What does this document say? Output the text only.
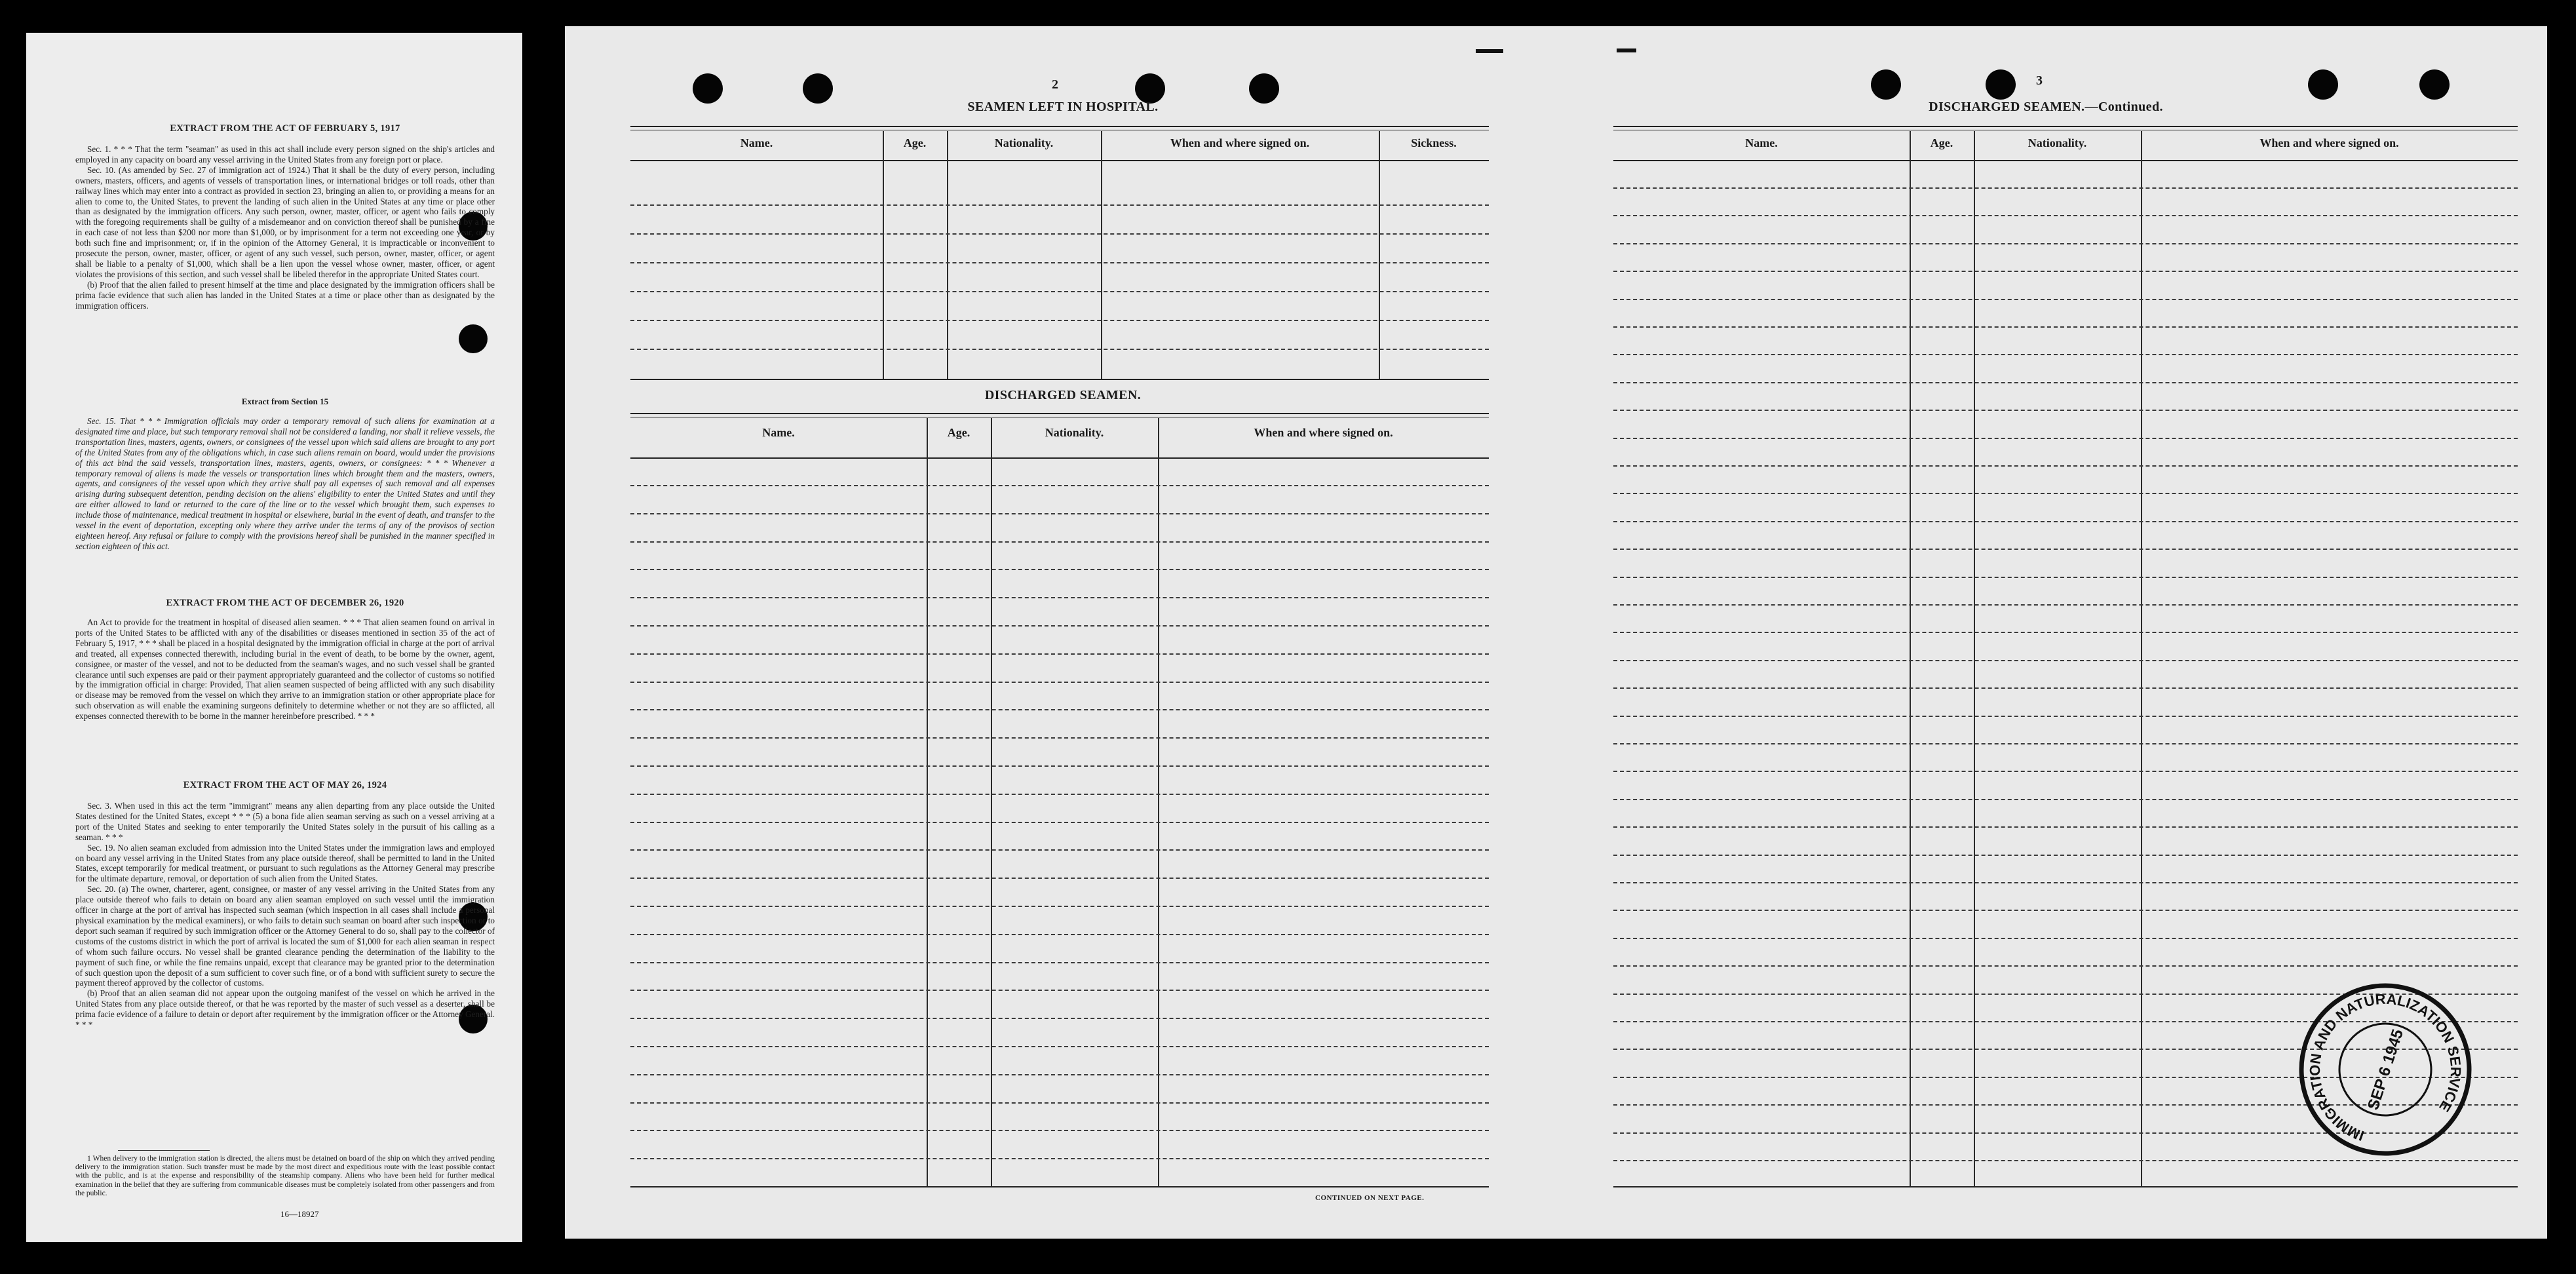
EXTRACT FROM THE ACT OF FEBRUARY 5, 1917
Sec. 1. * * * That the term "seaman" as used in this act shall include every person signed on the ship's articles and employed in any capacity on board any vessel arriving in the United States from any foreign port or place.
Sec. 10. (As amended by Sec. 27 of immigration act of 1924.) That it shall be the duty of every person, including owners, masters, officers, and agents of vessels of transportation lines, or international bridges or toll roads, other than railway lines which may enter into a contract as provided in section 23, bringing an alien to, or providing a means for an alien to come to, the United States, to prevent the landing of such alien in the United States at any time or place other than as designated by the immigration officers. Any such person, owner, master, officer, or agent who fails to comply with the foregoing requirements shall be guilty of a misdemeanor and on conviction thereof shall be punished by a fine in each case of not less than $200 nor more than $1,000, or by imprisonment for a term not exceeding one year, or by both such fine and imprisonment; or, if in the opinion of the Attorney General, it is impracticable or inconvenient to prosecute the person, owner, master, officer, or agent of any such vessel, such person, owner, master, officer, or agent shall be liable to a penalty of $1,000, which shall be a lien upon the vessel whose owner, master, officer, or agent violates the provisions of this section, and such vessel shall be libeled therefor in the appropriate United States court.
(b) Proof that the alien failed to present himself at the time and place designated by the immigration officers shall be prima facie evidence that such alien has landed in the United States at a time or place other than as designated by the immigration officers.
Extract from Section 15
Sec. 15. That * * * Immigration officials may order a temporary removal of such aliens for examination at a designated time and place, but such temporary removal shall not be considered a landing, nor shall it relieve vessels, the transportation lines, masters, agents, owners, or consignees of the vessel upon which said aliens are brought to any port of the United States from any of the obligations which, in case such aliens remain on board, would under the provisions of this act bind the said vessels, transportation lines, masters, agents, owners, or consignees: * * * Whenever a temporary removal of aliens is made the vessels or transportation lines which brought them and the masters, owners, agents, and consignees of the vessel upon which they arrive shall pay all expenses of such removal and all expenses arising during subsequent detention, pending decision on the aliens' eligibility to enter the United States and until they are either allowed to land or returned to the care of the line or to the vessel which brought them, such expenses to include those of maintenance, medical treatment in hospital or elsewhere, burial in the event of death, and transfer to the vessel in the event of deportation, excepting only where they arrive under the terms of any of the provisos of section eighteen hereof. Any refusal or failure to comply with the provisions hereof shall be punished in the manner specified in section eighteen of this act.
EXTRACT FROM THE ACT OF DECEMBER 26, 1920
An Act to provide for the treatment in hospital of diseased alien seamen. * * * That alien seamen found on arrival in ports of the United States to be afflicted with any of the disabilities or diseases mentioned in section 35 of the act of February 5, 1917, * * * shall be placed in a hospital designated by the immigration official in charge at the port of arrival and treated, all expenses connected therewith, including burial in the event of death, to be borne by the owner, agent, consignee, or master of the vessel, and not to be deducted from the seaman's wages, and no such vessel shall be granted clearance until such expenses are paid or their payment appropriately guaranteed and the collector of customs so notified by the immigration official in charge: Provided, That alien seamen suspected of being afflicted with any such disability or disease may be removed from the vessel on which they arrive to an immigration station or other appropriate place for such observation as will enable the examining surgeons definitely to determine whether or not they are so afflicted, all expenses connected therewith to be borne in the manner hereinbefore prescribed. * * *
EXTRACT FROM THE ACT OF MAY 26, 1924
Sec. 3. When used in this act the term "immigrant" means any alien departing from any place outside the United States destined for the United States, except * * * (5) a bona fide alien seaman serving as such on a vessel arriving at a port of the United States and seeking to enter temporarily the United States solely in the pursuit of his calling as a seaman. * * *
Sec. 19. No alien seaman excluded from admission into the United States under the immigration laws and employed on board any vessel arriving in the United States from any place outside thereof, shall be permitted to land in the United States, except temporarily for medical treatment, or pursuant to such regulations as the Attorney General may prescribe for the ultimate departure, removal, or deportation of such alien from the United States.
Sec. 20. (a) The owner, charterer, agent, consignee, or master of any vessel arriving in the United States from any place outside thereof who fails to detain on board any alien seaman employed on such vessel until the immigration officer in charge at the port of arrival has inspected such seaman (which inspection in all cases shall include a personal physical examination by the medical examiners), or who fails to detain such seaman on board after such inspection or to deport such seaman if required by such immigration officer or the Attorney General to do so, shall pay to the collector of customs of the customs district in which the port of arrival is located the sum of $1,000 for each alien seaman in respect of whom such failure occurs. No vessel shall be granted clearance pending the determination of the liability to the payment of such fine, or while the fine remains unpaid, except that clearance may be granted prior to the determination of such question upon the deposit of a sum sufficient to cover such fine, or of a bond with sufficient surety to secure the payment thereof approved by the collector of customs.
(b) Proof that an alien seaman did not appear upon the outgoing manifest of the vessel on which he arrived in the United States from any place outside thereof, or that he was reported by the master of such vessel as a deserter, shall be prima facie evidence of a failure to detain or deport after requirement by the immigration officer or the Attorney General. * * *
1 When delivery to the immigration station is directed, the aliens must be detained on board of the ship on which they arrived pending delivery to the immigration station. Such transfer must be made by the most direct and expeditious route with the least possible contact with the public, and is at the expense and responsibility of the steamship company. Aliens who have been held for further medical examination in the belief that they are suffering from communicable diseases must be completely isolated from other passengers and from the public.
16—18927
2
SEAMEN LEFT IN HOSPITAL.
Name.	Age.	Nationality.	When and where signed on.	Sickness.
DISCHARGED SEAMEN.
Name.	Age.	Nationality.	When and where signed on.
CONTINUED ON NEXT PAGE.
3
DISCHARGED SEAMEN.—Continued.
Name.	Age.	Nationality.	When and where signed on.
IMMIGRATION AND NATURALIZATION SERVICE
SEP 6 1945
